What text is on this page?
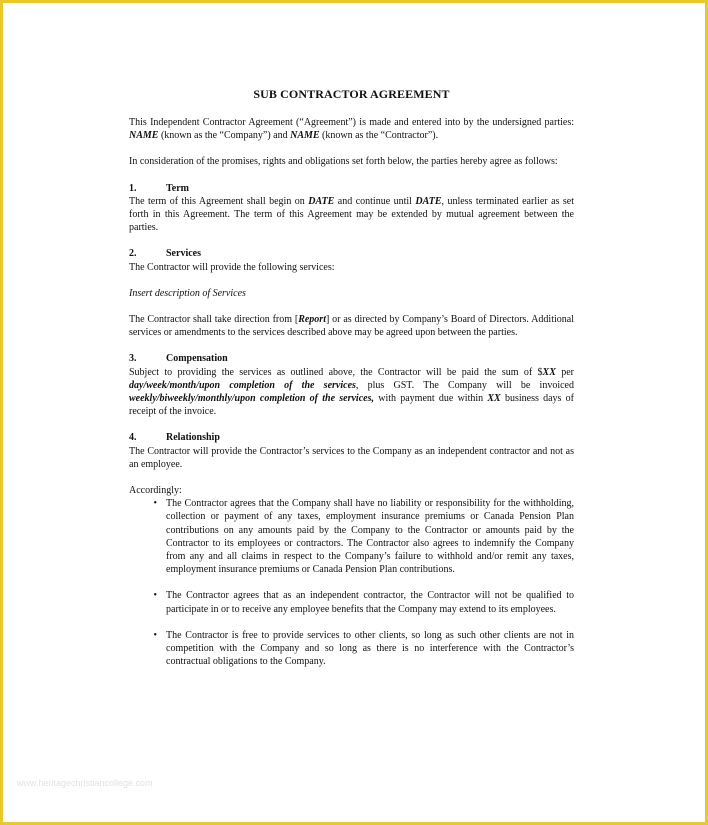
SUB CONTRACTOR AGREEMENT

This Independent Contractor Agreement (“Agreement”) is made and entered into by the undersigned parties: NAME (known as the “Company”) and NAME (known as the “Contractor”).

In consideration of the promises, rights and obligations set forth below, the parties hereby agree as follows:

1.	Term

The term of this Agreement shall begin on DATE and continue until DATE, unless terminated earlier as set forth in this Agreement. The term of this Agreement may be extended by mutual agreement between the parties.

2.	Services

The Contractor will provide the following services:

Insert description of Services

The Contractor shall take direction from [Report] or as directed by Company’s Board of Directors. Additional services or amendments to the services described above may be agreed upon between the parties.

3.	Compensation

Subject to providing the services as outlined above, the Contractor will be paid the sum of $XX per day/week/month/upon completion of the services, plus GST. The Company will be invoiced weekly/biweekly/monthly/upon completion of the services, with payment due within XX business days of receipt of the invoice.

4.	Relationship

The Contractor will provide the Contractor’s services to the Company as an independent contractor and not as an employee.

Accordingly:

• The Contractor agrees that the Company shall have no liability or responsibility for the withholding, collection or payment of any taxes, employment insurance premiums or Canada Pension Plan contributions on any amounts paid by the Company to the Contractor or amounts paid by the Contractor to its employees or contractors. The Contractor also agrees to indemnify the Company from any and all claims in respect to the Company’s failure to withhold and/or remit any taxes, employment insurance premiums or Canada Pension Plan contributions.
• The Contractor agrees that as an independent contractor, the Contractor will not be qualified to participate in or to receive any employee benefits that the Company may extend to its employees.
• The Contractor is free to provide services to other clients, so long as such other clients are not in competition with the Company and so long as there is no interference with the Contractor’s contractual obligations to the Company.
www.heritagechristiancollege.com
